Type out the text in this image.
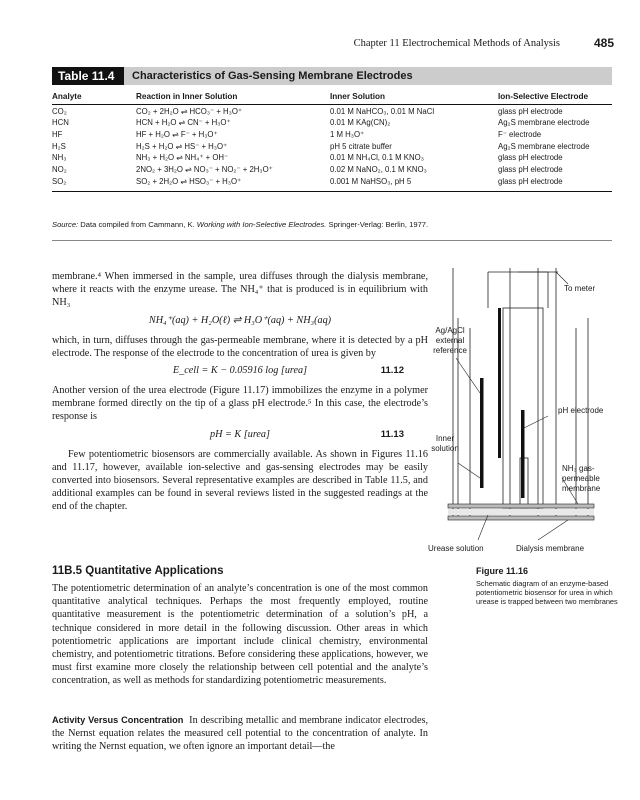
Chapter 11 Electrochemical Methods of Analysis	485
Table 11.4	Characteristics of Gas-Sensing Membrane Electrodes
Analyte	Reaction in Inner Solution	Inner Solution	Ion-Selective Electrode
CO₂	CO₂ + 2H₂O ⇌ HCO₃⁻ + H₃O⁺	0.01 M NaHCO₃, 0.01 M NaCl	glass pH electrode
HCN	HCN + H₂O ⇌ CN⁻ + H₃O⁺	0.01 M KAg(CN)₂	Ag₂S membrane electrode
HF	HF + H₂O ⇌ F⁻ + H₃O⁺	1 M H₃O⁺	F⁻ electrode
H₂S	H₂S + H₂O ⇌ HS⁻ + H₃O⁺	pH 5 citrate buffer	Ag₂S membrane electrode
NH₃	NH₃ + H₂O ⇌ NH₄⁺ + OH⁻	0.01 M NH₄Cl, 0.1 M KNO₃	glass pH electrode
NO₂	2NO₂ + 3H₂O ⇌ NO₃⁻ + NO₂⁻ + 2H₃O⁺	0.02 M NaNO₂, 0.1 M KNO₃	glass pH electrode
SO₂	SO₂ + 2H₂O ⇌ HSO₃⁻ + H₃O⁺	0.001 M NaHSO₃, pH 5	glass pH electrode
Source: Data compiled from Cammann, K. Working with Ion-Selective Electrodes. Springer-Verlag: Berlin, 1977.

membrane.⁴ When immersed in the sample, urea diffuses through the dialysis membrane, where it reacts with the enzyme urease. The NH₄⁺ that is produced is in equilibrium with NH₃

NH₄⁺(aq) + H₂O(ℓ) ⇌ H₃O⁺(aq) + NH₃(aq)

which, in turn, diffuses through the gas-permeable membrane, where it is detected by a pH electrode. The response of the electrode to the concentration of urea is given by

E_cell = K − 0.05916 log [urea]	11.12

Another version of the urea electrode (Figure 11.17) immobilizes the enzyme in a polymer membrane formed directly on the tip of a glass pH electrode.⁵ In this case, the electrode’s response is

pH = K [urea]	11.13

Few potentiometric biosensors are commercially available. As shown in Figures 11.16 and 11.17, however, available ion-selective and gas-sensing electrodes may be easily converted into biosensors. Several representative examples are described in Table 11.5, and additional examples can be found in several reviews listed in the suggested readings at the end of the chapter.

11B.5 Quantitative Applications

The potentiometric determination of an analyte’s concentration is one of the most common quantitative analytical techniques. Perhaps the most frequently employed, routine quantitative measurement is the potentiometric determination of a solution’s pH, a technique considered in more detail in the following discussion. Other areas in which potentiometric applications are important include clinical chemistry, environmental chemistry, and potentiometric titrations. Before considering these applications, however, we must first examine more closely the relationship between cell potential and the analyte’s concentration, as well as methods for standardizing potentiometric measurements.

Activity Versus Concentration In describing metallic and membrane indicator electrodes, the Nernst equation relates the measured cell potential to the concentration of analyte. In writing the Nernst equation, we often ignore an important detail—the

To meter
Ag/AgCl
external
reference
pH electrode
Inner
solution
NH₃ gas-
permeable
membrane
Urease solution	Dialysis membrane
Figure 11.16
Schematic diagram of an enzyme-based potentiometric biosensor for urea in which urease is trapped between two membranes
